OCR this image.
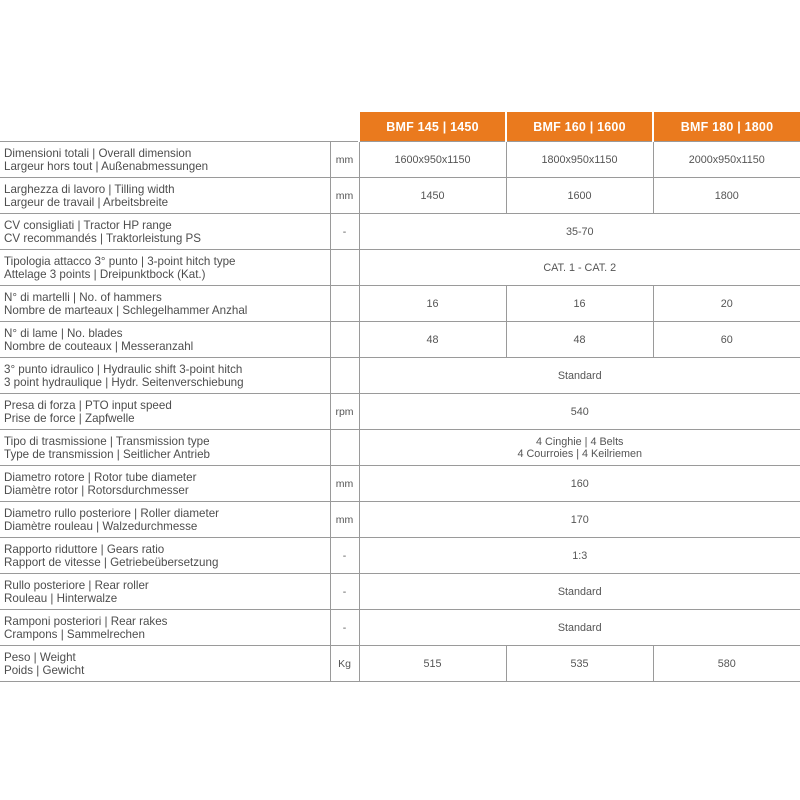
		BMF 145 | 1450	BMF 160 | 1600	BMF 180 | 1800

Dimensioni totali | Overall dimension
Largeur hors tout | Außenabmessungen	mm	1600x950x1150	1800x950x1150	2000x950x1150

Larghezza di lavoro | Tilling width
Largeur de travail | Arbeitsbreite	mm	1450	1600	1800

CV consigliati | Tractor HP range
CV recommandés | Traktorleistung PS	-	35-70		

Tipologia attacco 3° punto | 3-point hitch type
Attelage 3 points | Dreipunktbock (Kat.)		CAT. 1 - CAT. 2		

N° di martelli | No. of hammers
Nombre de marteaux | Schlegelhammer Anzhal		16	16	20

N° di lame | No. blades
Nombre de couteaux | Messeranzahl		48	48	60

3° punto idraulico | Hydraulic shift 3-point hitch
3 point hydraulique | Hydr. Seitenverschiebung		Standard		

Presa di forza | PTO input speed
Prise de force | Zapfwelle	rpm	540		

Tipo di trasmissione | Transmission type
Type de transmission | Seitlicher Antrieb		4 Cinghie | 4 Belts
4 Courroies | 4 Keilriemen		

Diametro rotore | Rotor tube diameter
Diamètre rotor | Rotorsdurchmesser	mm	160		

Diametro rullo posteriore | Roller diameter
Diamètre rouleau | Walzedurchmesse	mm	170		

Rapporto riduttore | Gears ratio
Rapport de vitesse | Getriebeübersetzung	-	1:3		

Rullo posteriore | Rear roller
Rouleau | Hinterwalze	-	Standard		

Ramponi posteriori | Rear rakes
Crampons | Sammelrechen	-	Standard		

Peso | Weight
Poids | Gewicht	Kg	515	535	580
